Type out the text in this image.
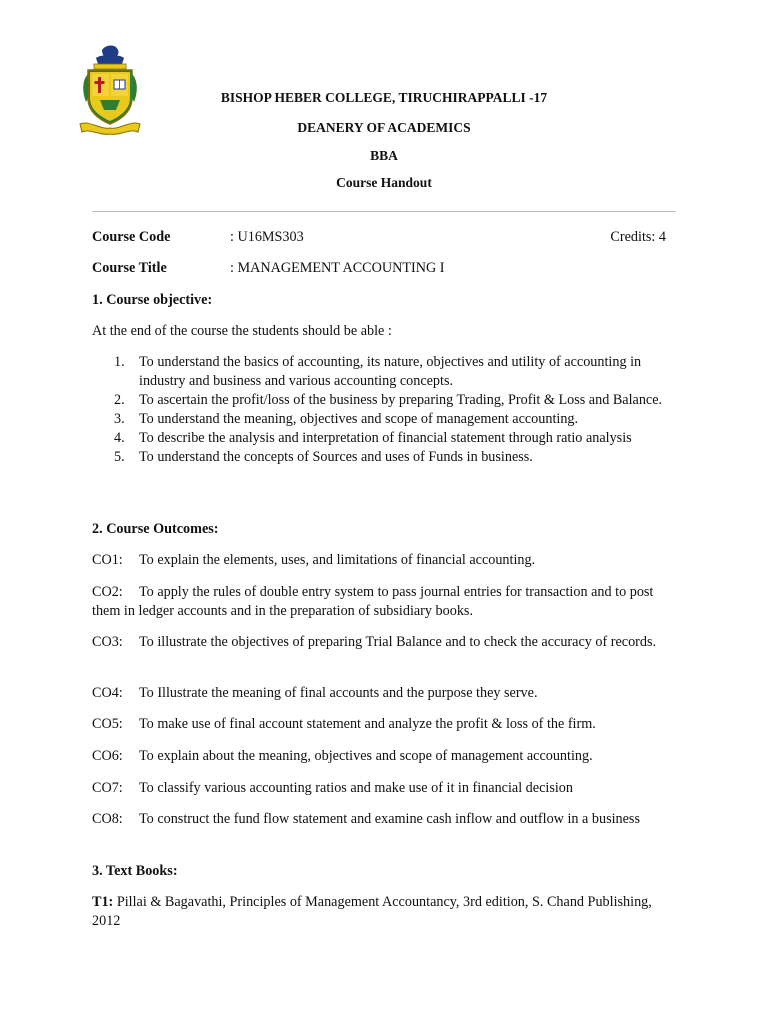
BISHOP HEBER COLLEGE, TIRUCHIRAPPALLI -17
DEANERY OF ACADEMICS
BBA
Course Handout
Course Code	: U16MS303	Credits: 4
Course Title	: MANAGEMENT ACCOUNTING I
1. Course objective:
At the end of the course the students should be able :
1. To understand the basics of accounting, its nature, objectives and utility of accounting in industry and business and various accounting concepts.
2. To ascertain the profit/loss of the business by preparing Trading, Profit & Loss and Balance.
3. To understand the meaning, objectives and scope of management accounting.
4. To describe the analysis and interpretation of financial statement through ratio analysis
5. To understand the concepts of Sources and uses of Funds in business.
2. Course Outcomes:
CO1: To explain the elements, uses, and limitations of financial accounting.
CO2: To apply the rules of double entry system to pass journal entries for transaction and to post them in ledger accounts and in the preparation of subsidiary books.
CO3: To illustrate the objectives of preparing Trial Balance and to check the accuracy of records.
CO4: To Illustrate the meaning of final accounts and the purpose they serve.
CO5: To make use of final account statement and analyze the profit & loss of the firm.
CO6: To explain about the meaning, objectives and scope of management accounting.
CO7: To classify various accounting ratios and make use of it in financial decision
CO8: To construct the fund flow statement and examine cash inflow and outflow in a business
3. Text Books:
T1: Pillai & Bagavathi, Principles of Management Accountancy, 3rd edition, S. Chand Publishing, 2012
